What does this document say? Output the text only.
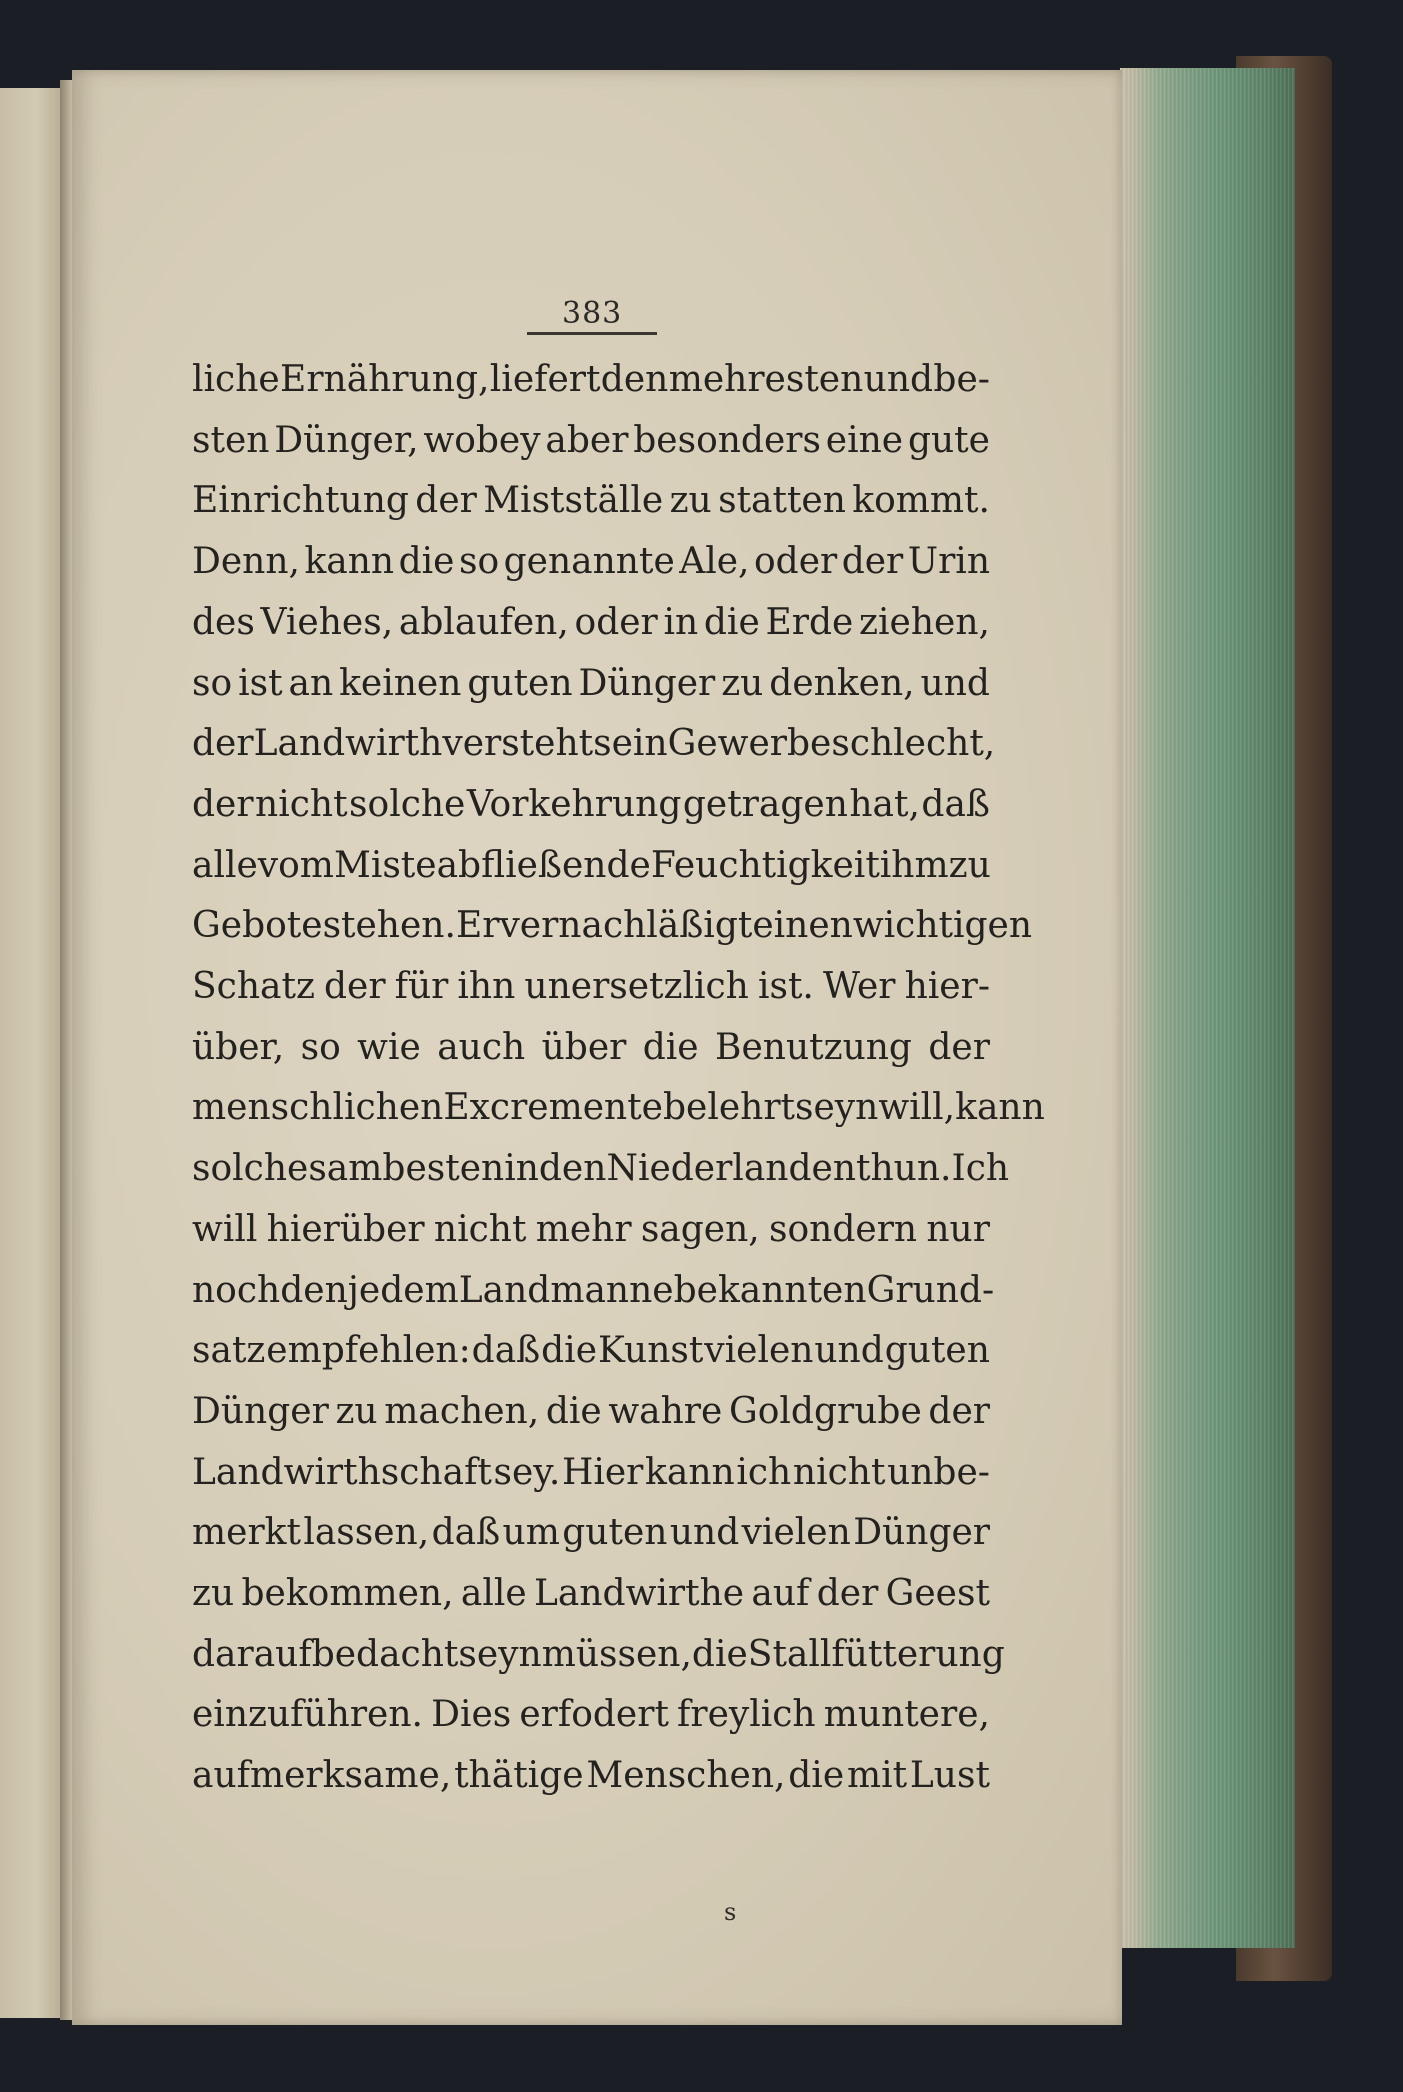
383
liche Ernährung, liefert den mehresten und be-
sten Dünger, wobey aber besonders eine gute
Einrichtung der Mistställe zu statten kommt.
Denn, kann die so genannte Ale, oder der Urin
des Viehes, ablaufen, oder in die Erde ziehen,
so ist an keinen guten Dünger zu denken, und
der Landwirth versteht sein Gewerbe schlecht,
der nicht solche Vorkehrung getragen hat, daß
alle vom Miste abfließende Feuchtigkeit ihm zu
Gebote stehen. Er vernachläßigt einen wichtigen
Schatz der für ihn unersetzlich ist. Wer hier-
über, so wie auch über die Benutzung der
menschlichen Excremente belehrt seyn will, kann
solches am besten in den Niederlanden thun. Ich
will hierüber nicht mehr sagen, sondern nur
noch den jedem Landmanne bekannten Grund-
satz empfehlen: daß die Kunst vielen und guten
Dünger zu machen, die wahre Goldgrube der
Landwirthschaft sey. Hier kann ich nicht unbe-
merkt lassen, daß um guten und vielen Dünger
zu bekommen, alle Landwirthe auf der Geest
darauf bedacht seyn müssen, die Stallfütterung
einzuführen. Dies erfodert freylich muntere,
aufmerksame, thätige Menschen, die mit Lust
s
